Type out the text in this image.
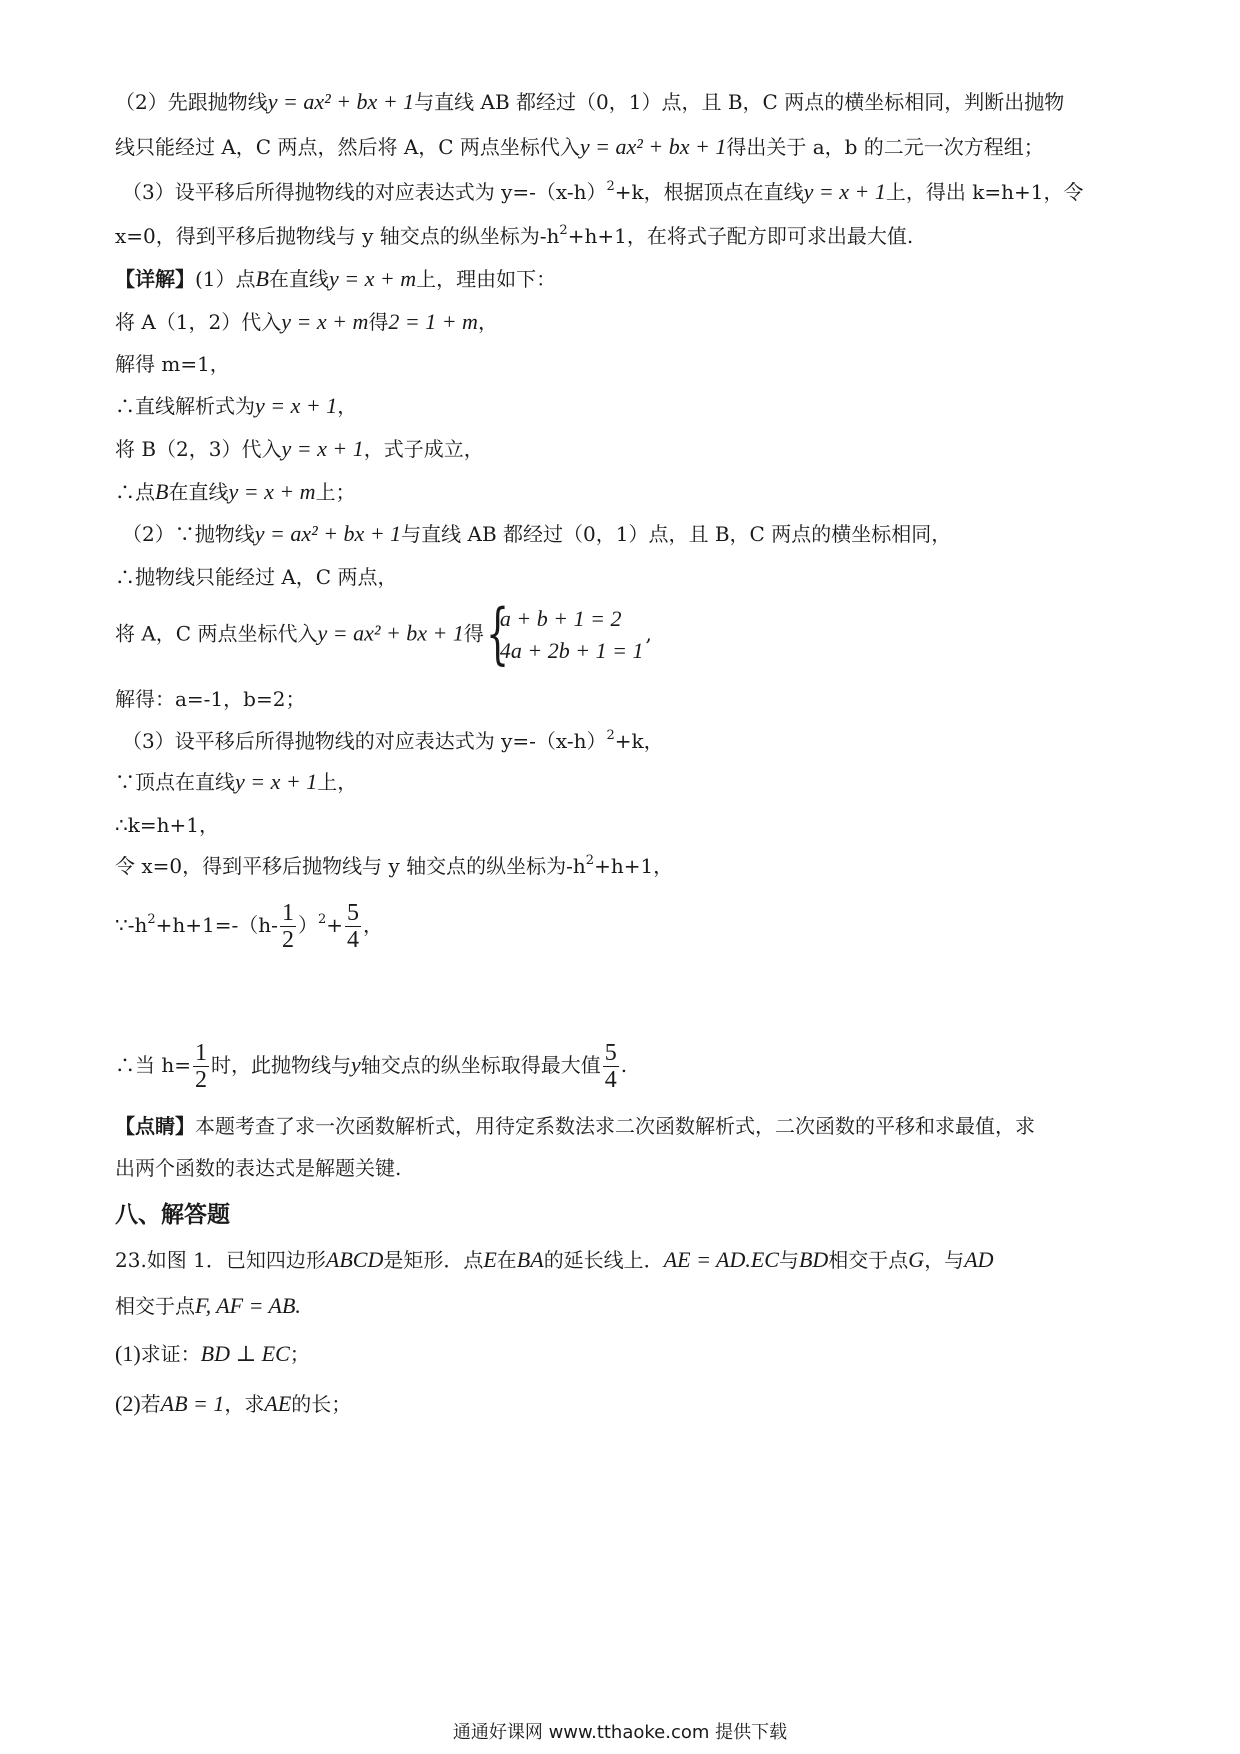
（2）先跟抛物线y = ax² + bx + 1与直线 AB 都经过（0，1）点，且 B，C 两点的横坐标相同，判断出抛物
线只能经过 A，C 两点，然后将 A，C 两点坐标代入y = ax² + bx + 1得出关于 a，b 的二元一次方程组；
（3）设平移后所得抛物线的对应表达式为 $y=-(x-h)^2+k$，根据顶点在直线y = x + 1上，得出 k=h+1，令
x=0，得到平移后抛物线与 y 轴交点的纵坐标为$-h^2+h+1$，在将式子配方即可求出最大值.
【详解】(1）点B在直线y = x + m上，理由如下：
将 A（1，2）代入y = x + m得2 = 1 + m，
解得 m=1，
∴直线解析式为y = x + 1，
将 B（2，3）代入y = x + 1，式子成立，
∴点B在直线y = x + m上；
（2）∵抛物线y = ax² + bx + 1与直线 AB 都经过（0，1）点，且 B，C 两点的横坐标相同，
∴抛物线只能经过 A，C 两点，
将 A，C 两点坐标代入y = ax² + bx + 1得 {
a + b + 1 = 2
4a + 2b + 1 = 1
,
解得：a=-1，b=2；
（3）设平移后所得抛物线的对应表达式为 $y=-(x-h)^2+k$，
∵顶点在直线y = x + 1上，
∴k=h+1，
令 x=0，得到平移后抛物线与 y 轴交点的纵坐标为$-h^2+h+1$，
$\because-h^2+h+1=-(h- \frac{1}{2} )^2+ \frac{5}{4}$ ，
∴当 $h= \frac{1}{2}$ 时，此抛物线与y轴交点的纵坐标取得最大值 $\frac{5}{4}$ .
【点睛】本题考查了求一次函数解析式，用待定系数法求二次函数解析式，二次函数的平移和求最值，求
出两个函数的表达式是解题关键.
八、解答题
23.如图 1．已知四边形ABCD是矩形．点E在BA的延长线上．AE = AD.EC与BD相交于点G，与AD
相交于点F, AF = AB.
(1)求证：BD ⊥ EC；
(2)若AB = 1，求AE的长；
通通好课网 www.tthaoke.com 提供下载
